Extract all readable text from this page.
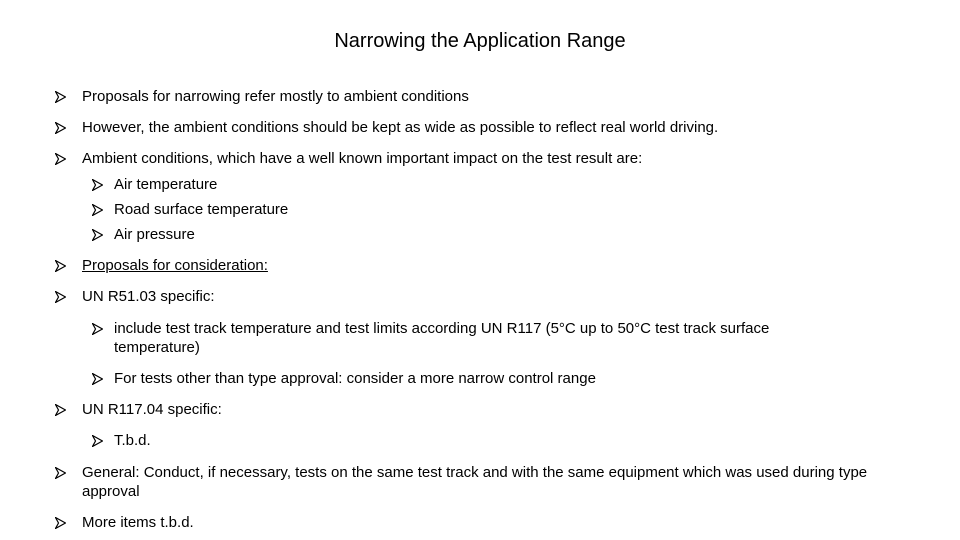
Narrowing the Application Range
Proposals for narrowing refer mostly to ambient conditions
However, the ambient conditions should be kept as wide as possible to reflect real world driving.
Ambient conditions, which have a well known important impact on the test result are:
Air temperature
Road surface temperature
Air pressure
Proposals for consideration:
UN R51.03 specific:
include test track temperature and test limits according UN R117 (5°C up to 50°C test track surface temperature)
For tests other than type approval: consider a more narrow control range
UN R117.04 specific:
T.b.d.
General: Conduct, if necessary, tests on the same test track and with the same equipment which was used during type approval
More items t.b.d.
